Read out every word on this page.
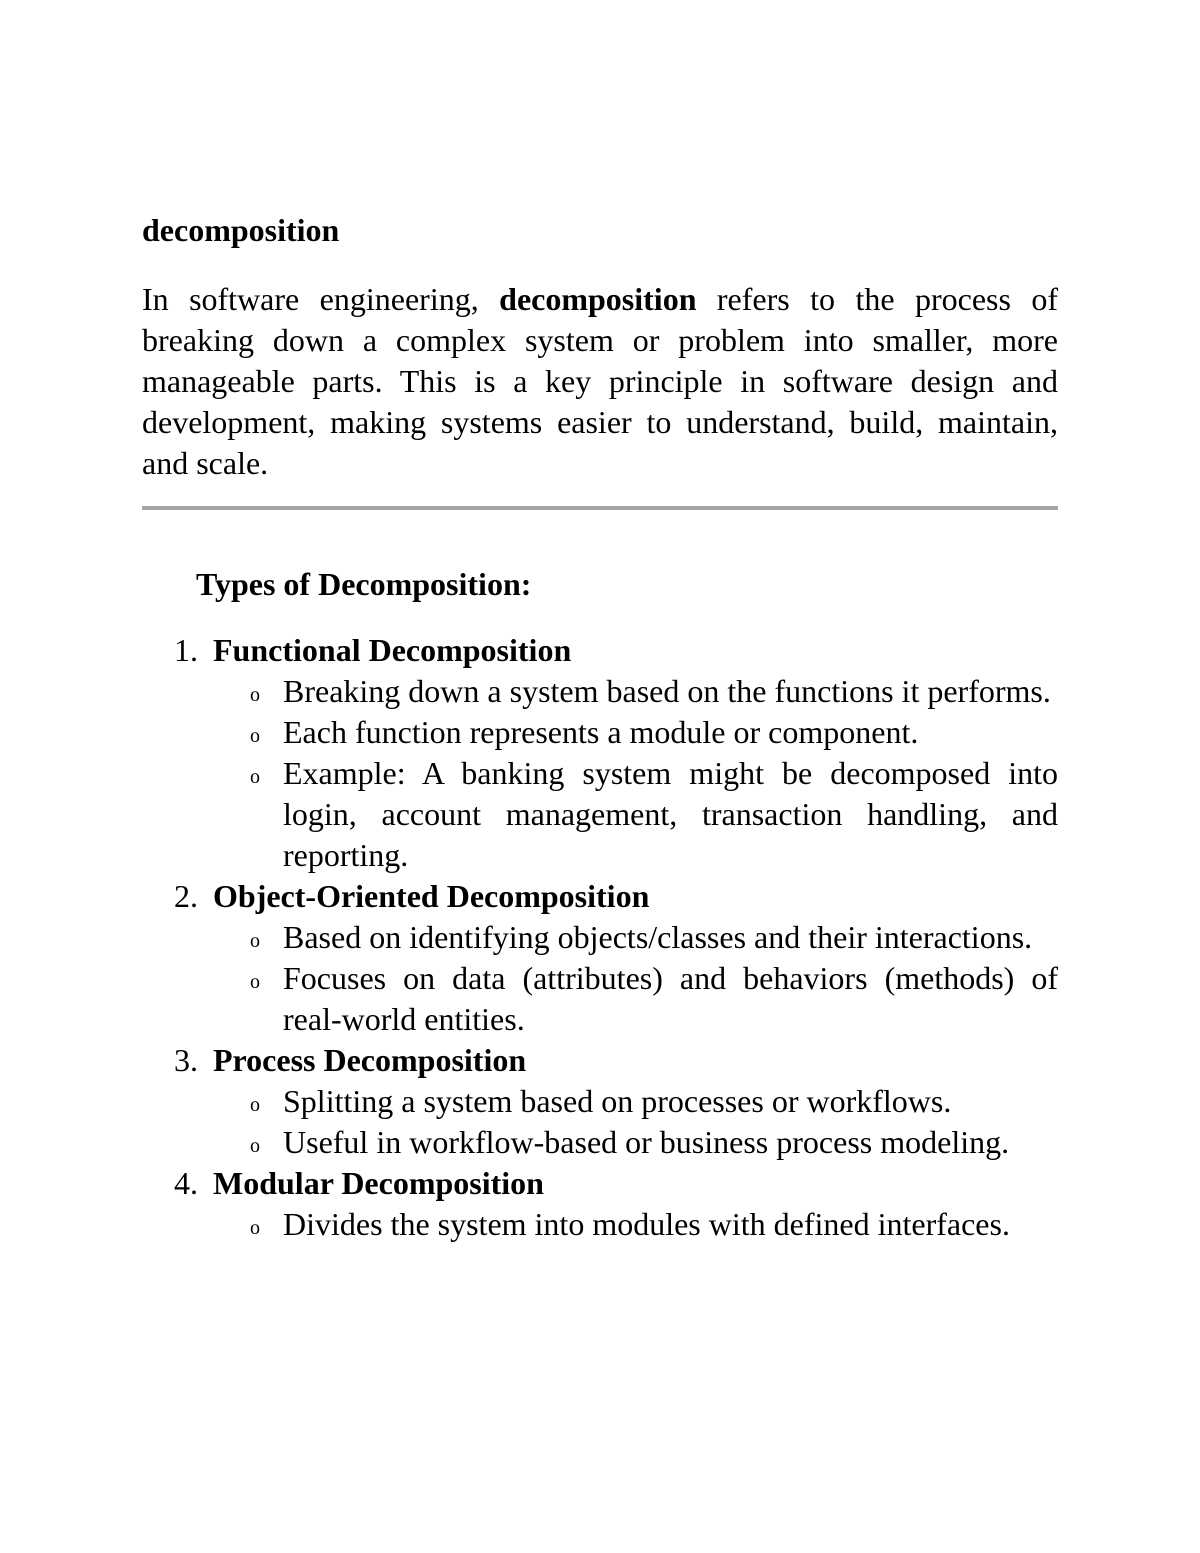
decomposition

In software engineering, decomposition refers to the process of breaking down a complex system or problem into smaller, more manageable parts. This is a key principle in software design and development, making systems easier to understand, build, maintain, and scale.

Types of Decomposition:
1. Functional Decomposition
o Breaking down a system based on the functions it performs.
o Each function represents a module or component.
o Example: A banking system might be decomposed into login, account management, transaction handling, and reporting.
2. Object-Oriented Decomposition
o Based on identifying objects/classes and their interactions.
o Focuses on data (attributes) and behaviors (methods) of real-world entities.
3. Process Decomposition
o Splitting a system based on processes or workflows.
o Useful in workflow-based or business process modeling.
4. Modular Decomposition
o Divides the system into modules with defined interfaces.
